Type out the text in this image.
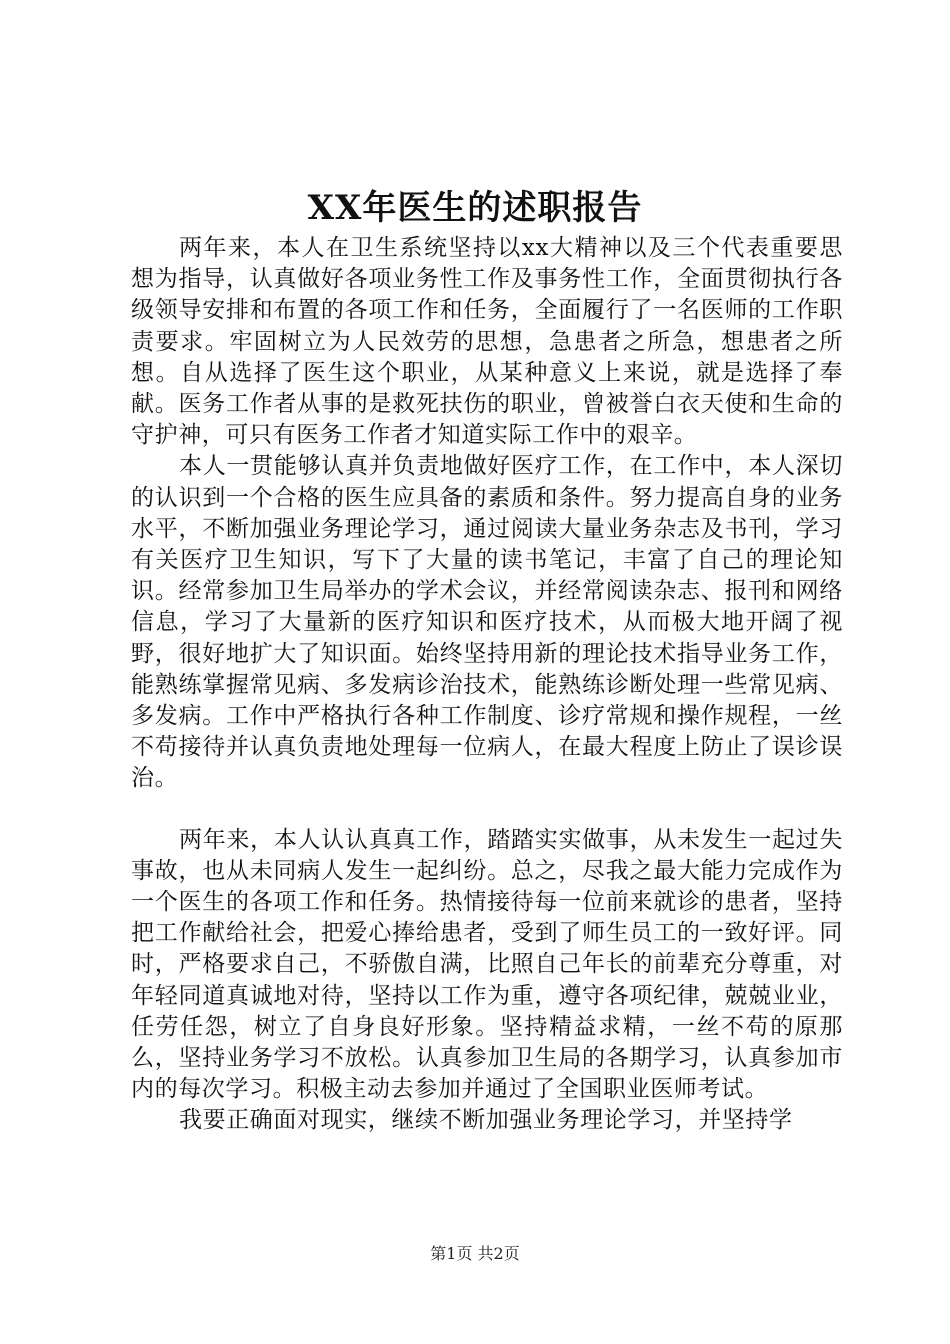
XX年医生的述职报告

两年来，本人在卫生系统坚持以xx大精神以及三个代表重要思想为指导，认真做好各项业务性工作及事务性工作，全面贯彻执行各级领导安排和布置的各项工作和任务，全面履行了一名医师的工作职责要求。牢固树立为人民效劳的思想，急患者之所急，想患者之所想。自从选择了医生这个职业，从某种意义上来说，就是选择了奉献。医务工作者从事的是救死扶伤的职业，曾被誉白衣天使和生命的守护神，可只有医务工作者才知道实际工作中的艰辛。

本人一贯能够认真并负责地做好医疗工作，在工作中，本人深切的认识到一个合格的医生应具备的素质和条件。努力提高自身的业务水平，不断加强业务理论学习，通过阅读大量业务杂志及书刊，学习有关医疗卫生知识，写下了大量的读书笔记，丰富了自己的理论知识。经常参加卫生局举办的学术会议，并经常阅读杂志、报刊和网络信息，学习了大量新的医疗知识和医疗技术，从而极大地开阔了视野，很好地扩大了知识面。始终坚持用新的理论技术指导业务工作，能熟练掌握常见病、多发病诊治技术，能熟练诊断处理一些常见病、多发病。工作中严格执行各种工作制度、诊疗常规和操作规程，一丝不苟接待并认真负责地处理每一位病人，在最大程度上防止了误诊误治。

两年来，本人认认真真工作，踏踏实实做事，从未发生一起过失事故，也从未同病人发生一起纠纷。总之，尽我之最大能力完成作为一个医生的各项工作和任务。热情接待每一位前来就诊的患者，坚持把工作献给社会，把爱心捧给患者，受到了师生员工的一致好评。同时，严格要求自己，不骄傲自满，比照自己年长的前辈充分尊重，对年轻同道真诚地对待，坚持以工作为重，遵守各项纪律，兢兢业业，任劳任怨，树立了自身良好形象。坚持精益求精，一丝不苟的原那么，坚持业务学习不放松。认真参加卫生局的各期学习，认真参加市内的每次学习。积极主动去参加并通过了全国职业医师考试。

我要正确面对现实，继续不断加强业务理论学习，并坚持学

第1页 共2页
